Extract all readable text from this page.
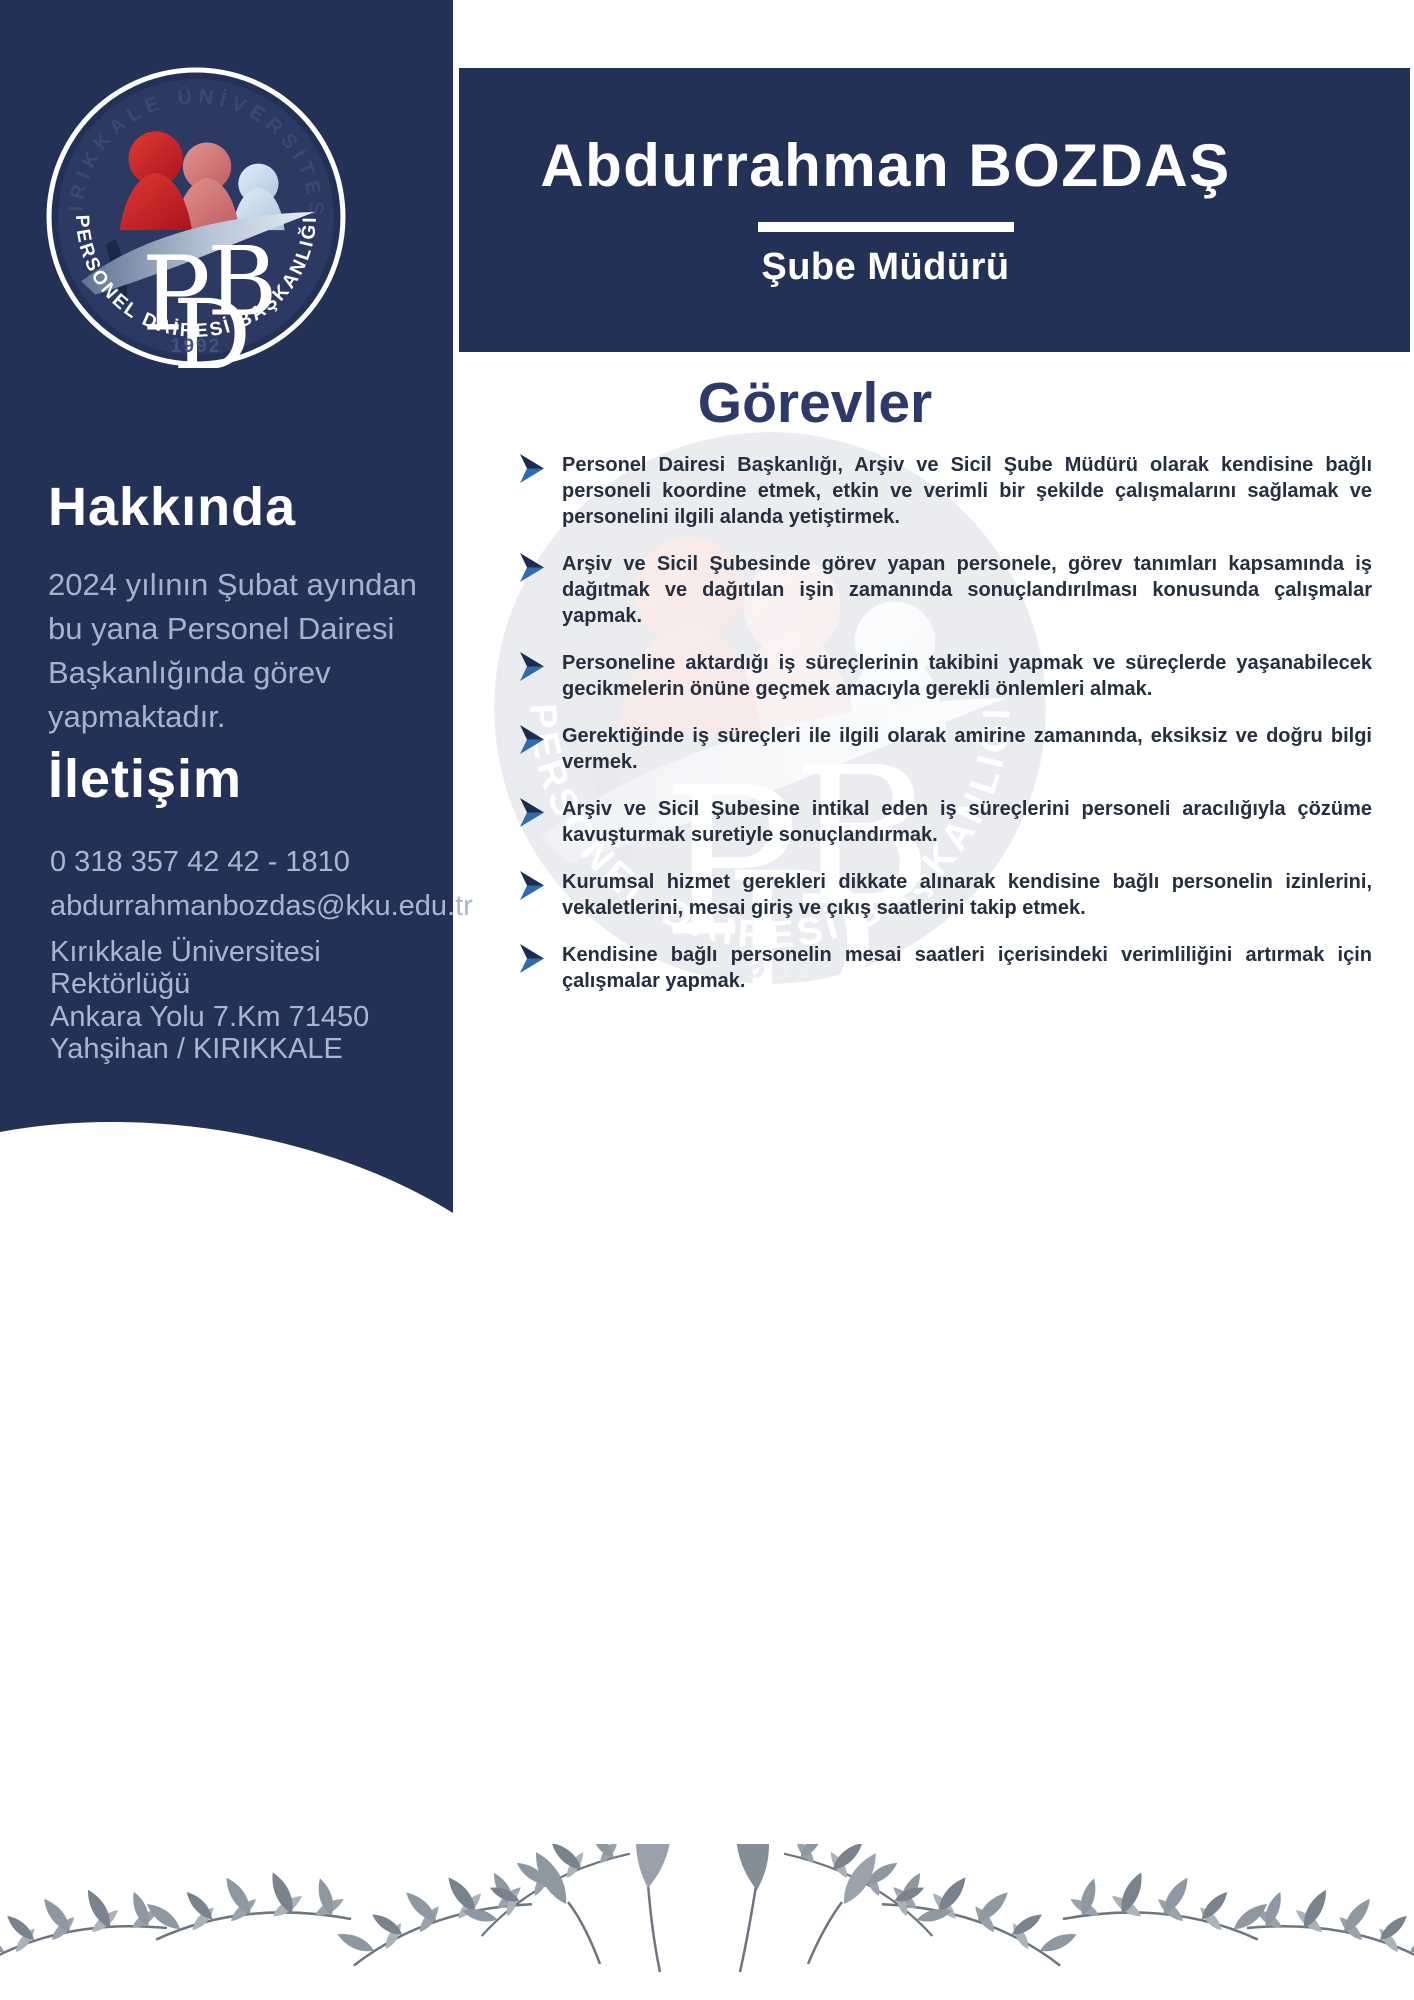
Hakkında

2024 yılının Şubat ayından bu yana Personel Dairesi Başkanlığında görev yapmaktadır.

İletişim
0 318 357 42 42 - 1810
abdurrahmanbozdas@kku.edu.tr
Kırıkkale Üniversitesi
Rektörlüğü
Ankara Yolu 7.Km 71450
Yahşihan / KIRIKKALE
Abdurrahman BOZDAŞ
Şube Müdürü
Görevler

Personel Dairesi Başkanlığı, Arşiv ve Sicil Şube Müdürü olarak kendisine bağlı personeli koordine etmek, etkin ve verimli bir şekilde çalışmalarını sağlamak ve personelini ilgili alanda yetiştirmek.

Arşiv ve Sicil Şubesinde görev yapan personele, görev tanımları kapsamında iş dağıtmak ve dağıtılan işin zamanında sonuçlandırılması konusunda çalışmalar yapmak.

Personeline aktardığı iş süreçlerinin takibini yapmak ve süreçlerde yaşanabilecek gecikmelerin önüne geçmek amacıyla gerekli önlemleri almak.

Gerektiğinde iş süreçleri ile ilgili olarak amirine zamanında, eksiksiz ve doğru bilgi vermek.

Arşiv ve Sicil Şubesine intikal eden iş süreçlerini personeli aracılığıyla çözüme kavuşturmak suretiyle sonuçlandırmak.

Kurumsal hizmet gerekleri dikkate alınarak kendisine bağlı personelin izinlerini, vekaletlerini, mesai giriş ve çıkış saatlerini takip etmek.

Kendisine bağlı personelin mesai saatleri içerisindeki verimliliğini artırmak için çalışmalar yapmak.
